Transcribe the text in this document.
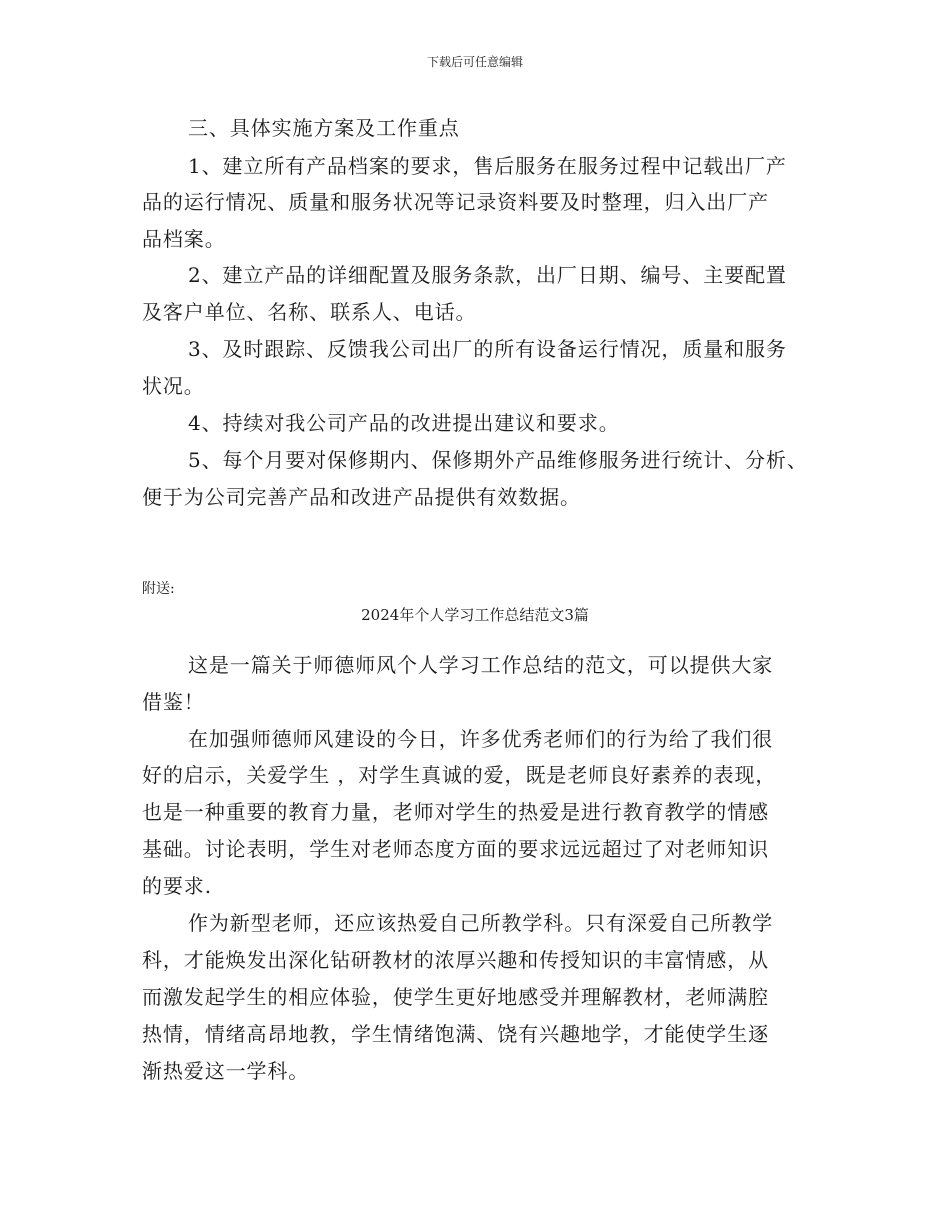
下载后可任意编辑
三、具体实施方案及工作重点
1、建立所有产品档案的要求，售后服务在服务过程中记载出厂产
品的运行情况、质量和服务状况等记录资料要及时整理，归入出厂产
品档案。
2、建立产品的详细配置及服务条款，出厂日期、编号、主要配置
及客户单位、名称、联系人、电话。
3、及时跟踪、反馈我公司出厂的所有设备运行情况，质量和服务
状况。
4、持续对我公司产品的改进提出建议和要求。
5、每个月要对保修期内、保修期外产品维修服务进行统计、分析、
便于为公司完善产品和改进产品提供有效数据。
附送:
2024年个人学习工作总结范文3篇
这是一篇关于师德师风个人学习工作总结的范文，可以提供大家
借鉴！
在加强师德师风建设的今日，许多优秀老师们的行为给了我们很
好的启示，关爱学生 ，对学生真诚的爱，既是老师良好素养的表现，
也是一种重要的教育力量，老师对学生的热爱是进行教育教学的情感
基础。讨论表明，学生对老师态度方面的要求远远超过了对老师知识
的要求.
作为新型老师，还应该热爱自己所教学科。只有深爱自己所教学
科，才能焕发出深化钻研教材的浓厚兴趣和传授知识的丰富情感，从
而激发起学生的相应体验，使学生更好地感受并理解教材，老师满腔
热情，情绪高昂地教，学生情绪饱满、饶有兴趣地学，才能使学生逐
渐热爱这一学科。
